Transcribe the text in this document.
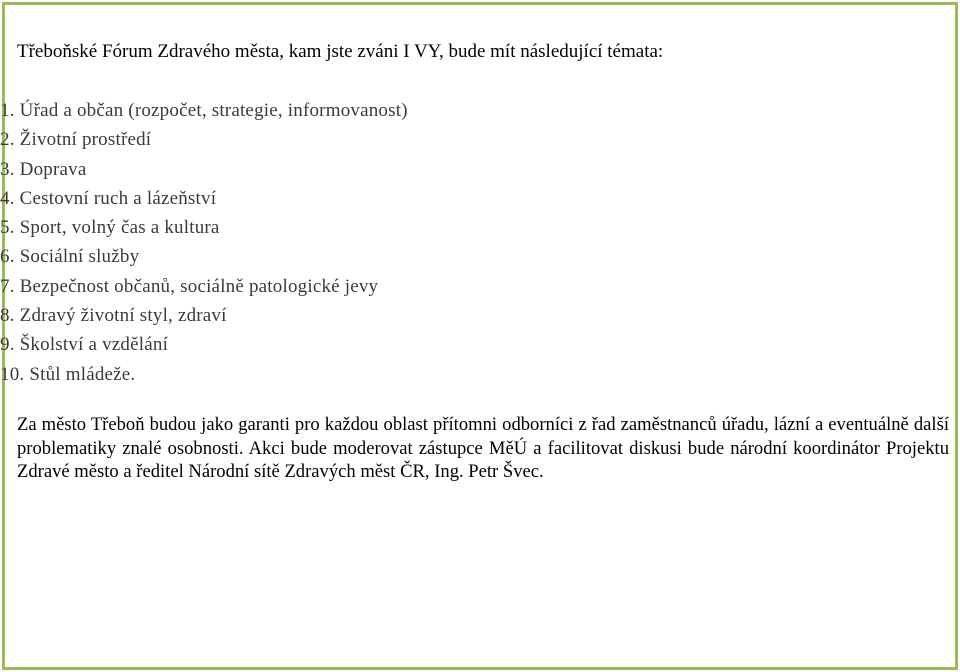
Třeboňské Fórum Zdravého města, kam jste zváni I VY, bude mít následující témata:

1. Úřad a občan (rozpočet, strategie, informovanost)
2. Životní prostředí
3. Doprava
4. Cestovní ruch a lázeňství
5. Sport, volný čas a kultura
6. Sociální služby
7. Bezpečnost občanů, sociálně patologické jevy
8. Zdravý životní styl, zdraví
9. Školství a vzdělání
10. Stůl mládeže.

Za město Třeboň budou jako garanti pro každou oblast přítomni odborníci z řad zaměstnanců úřadu, lázní a eventuálně další problematiky znalé osobnosti. Akci bude moderovat zástupce MěÚ a facilitovat diskusi bude národní koordinátor Projektu Zdravé město a ředitel Národní sítě Zdravých měst ČR, Ing. Petr Švec.
